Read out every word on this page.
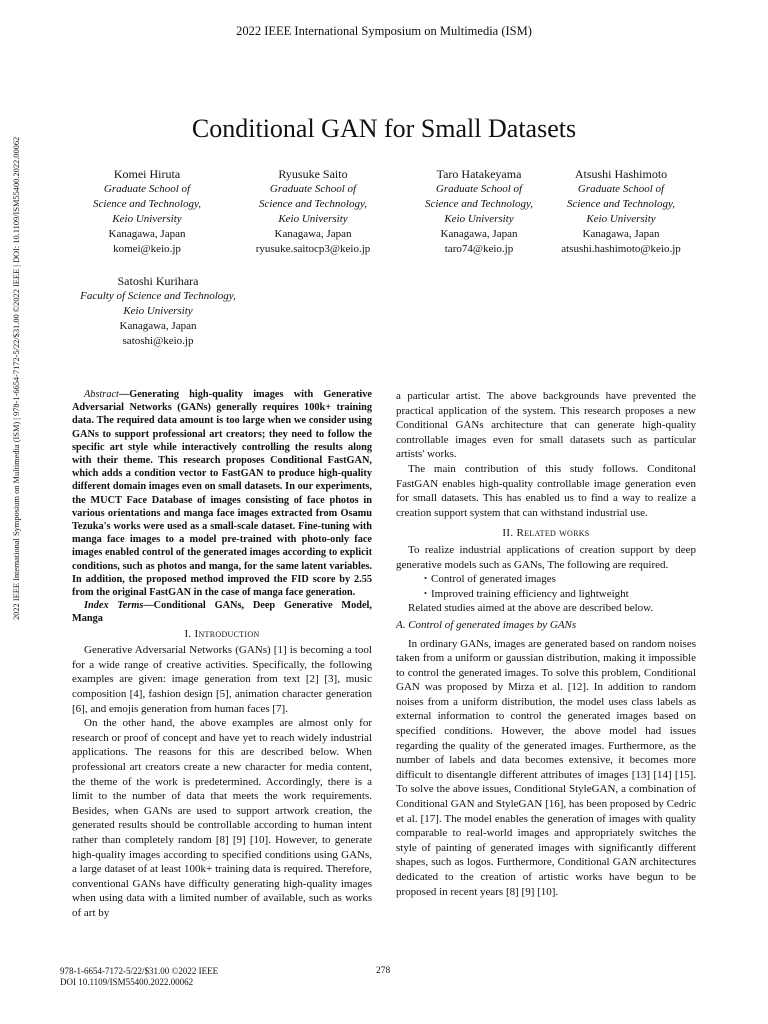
2022 IEEE International Symposium on Multimedia (ISM)
Conditional GAN for Small Datasets
Komei Hiruta
Graduate School of
Science and Technology,
Keio University
Kanagawa, Japan
komei@keio.jp
Ryusuke Saito
Graduate School of
Science and Technology,
Keio University
Kanagawa, Japan
ryusuke.saitocp3@keio.jp
Taro Hatakeyama
Graduate School of
Science and Technology,
Keio University
Kanagawa, Japan
taro74@keio.jp
Atsushi Hashimoto
Graduate School of
Science and Technology,
Keio University
Kanagawa, Japan
atsushi.hashimoto@keio.jp
Satoshi Kurihara
Faculty of Science and Technology,
Keio University
Kanagawa, Japan
satoshi@keio.jp
2022 IEEE International Symposium on Multimedia (ISM) | 978-1-6654-7172-5/22/$31.00 ©2022 IEEE | DOI: 10.1109/ISM55400.2022.00062	Abstract—Generating high-quality images with Generative Adversarial Networks (GANs) generally requires 100k+ training data. The required data amount is too large when we consider using GANs to support professional art creators; they need to follow the specific art style while interactively controlling the results along with their theme. This research proposes Conditional FastGAN, which adds a condition vector to FastGAN to produce high-quality different domain images even on small datasets. In our experiments, the MUCT Face Database of images consisting of face photos in various orientations and manga face images extracted from Osamu Tezuka's works were used as a small-scale dataset. Fine-tuning with manga face images to a model pre-trained with photo-only face images enabled control of the generated images according to explicit conditions, such as photos and manga, for the same latent variables. In addition, the proposed method improved the FID score by 2.55 from the original FastGAN in the case of manga face generation.

Index Terms—Conditional GANs, Deep Generative Model, Manga

I. Introduction

Generative Adversarial Networks (GANs) [1] is becoming a tool for a wide range of creative activities. Specifically, the following examples are given: image generation from text [2] [3], music composition [4], fashion design [5], animation character generation [6], and emojis generation from human faces [7].

On the other hand, the above examples are almost only for research or proof of concept and have yet to reach widely industrial applications. The reasons for this are described below. When professional art creators create a new character for media content, the theme of the work is predetermined. Accordingly, there is a limit to the number of data that meets the work requirements. Besides, when GANs are used to support artwork creation, the generated results should be controllable according to human intent rather than completely random [8] [9] [10]. However, to generate high-quality images according to specified conditions using GANs, a large dataset of at least 100k+ training data is required. Therefore, conventional GANs have difficulty generating high-quality images when using data with a limited number of available, such as works of art by

a particular artist. The above backgrounds have prevented the practical application of the system. This research proposes a new Conditional GANs architecture that can generate high-quality controllable images even for small datasets such as particular artists' works.

The main contribution of this study follows. Conditonal FastGAN enables high-quality controllable image generation even for small datasets. This has enabled us to find a way to realize a creation support system that can withstand industrial use.

II. Related works

To realize industrial applications of creation support by deep generative models such as GANs, The following are required.

・Control of generated images

・Improved training efficiency and lightweight

Related studies aimed at the above are described below.

A. Control of generated images by GANs

In ordinary GANs, images are generated based on random noises taken from a uniform or gaussian distribution, making it impossible to control the generated images. To solve this problem, Conditional GAN was proposed by Mirza et al. [12]. In addition to random noises from a uniform distribution, the model uses class labels as external information to control the generated images based on specified conditions. However, the above model had issues regarding the quality of the generated images. Furthermore, as the number of labels and data becomes extensive, it becomes more difficult to disentangle different attributes of images [13] [14] [15]. To solve the above issues, Conditional StyleGAN, a combination of Conditional GAN and StyleGAN [16], has been proposed by Cedric et al. [17]. The model enables the generation of images with quality comparable to real-world images and appropriately switches the style of painting of generated images with significantly different shapes, such as logos. Furthermore, Conditional GAN architectures dedicated to the creation of artistic works have begun to be proposed in recent years [8] [9] [10].

978-1-6654-7172-5/22/$31.00 ©2022 IEEE
DOI 10.1109/ISM55400.2022.00062
278
